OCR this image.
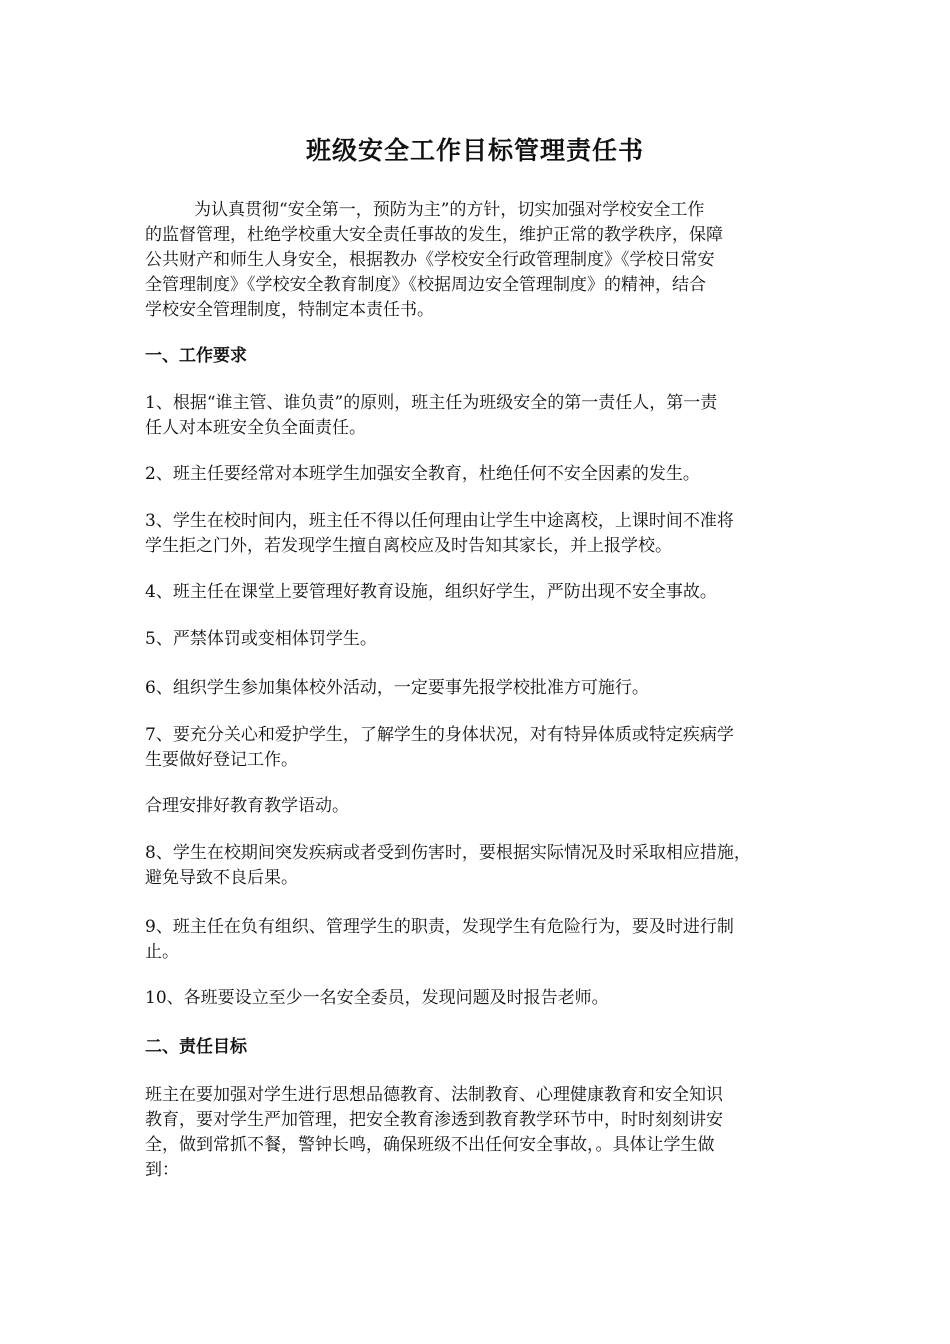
班级安全工作目标管理责任书

为认真贯彻“安全第一，预防为主”的方针，切实加强对学校安全工作
的监督管理，杜绝学校重大安全责任事故的发生，维护正常的教学秩序，保障
公共财产和师生人身安全，根据教办《学校安全行政管理制度》《学校日常安
全管理制度》《学校安全教育制度》《校据周边安全管理制度》的精神，结合
学校安全管理制度，特制定本责任书。

一、工作要求

1、根据“谁主管、谁负责”的原则，班主任为班级安全的第一责任人，第一责
任人对本班安全负全面责任。

2、班主任要经常对本班学生加强安全教育，杜绝任何不安全因素的发生。

3、学生在校时间内，班主任不得以任何理由让学生中途离校，上课时间不准将
学生拒之门外，若发现学生擅自离校应及时告知其家长，并上报学校。

4、班主任在课堂上要管理好教育设施，组织好学生，严防出现不安全事故。

5、严禁体罚或变相体罚学生。

6、组织学生参加集体校外活动，一定要事先报学校批准方可施行。

7、要充分关心和爱护学生，了解学生的身体状况，对有特异体质或特定疾病学
生要做好登记工作。

合理安排好教育教学语动。

8、学生在校期间突发疾病或者受到伤害时，要根据实际情况及时采取相应措施，
避免导致不良后果。

9、班主任在负有组织、管理学生的职责，发现学生有危险行为，要及时进行制
止。

10、各班要设立至少一名安全委员，发现问题及时报告老师。

二、责任目标

班主在要加强对学生进行思想品德教育、法制教育、心理健康教育和安全知识
教育，要对学生严加管理，把安全教育渗透到教育教学环节中，时时刻刻讲安
全，做到常抓不餐，警钟长鸣，确保班级不出任何安全事故，。具体让学生做
到：
